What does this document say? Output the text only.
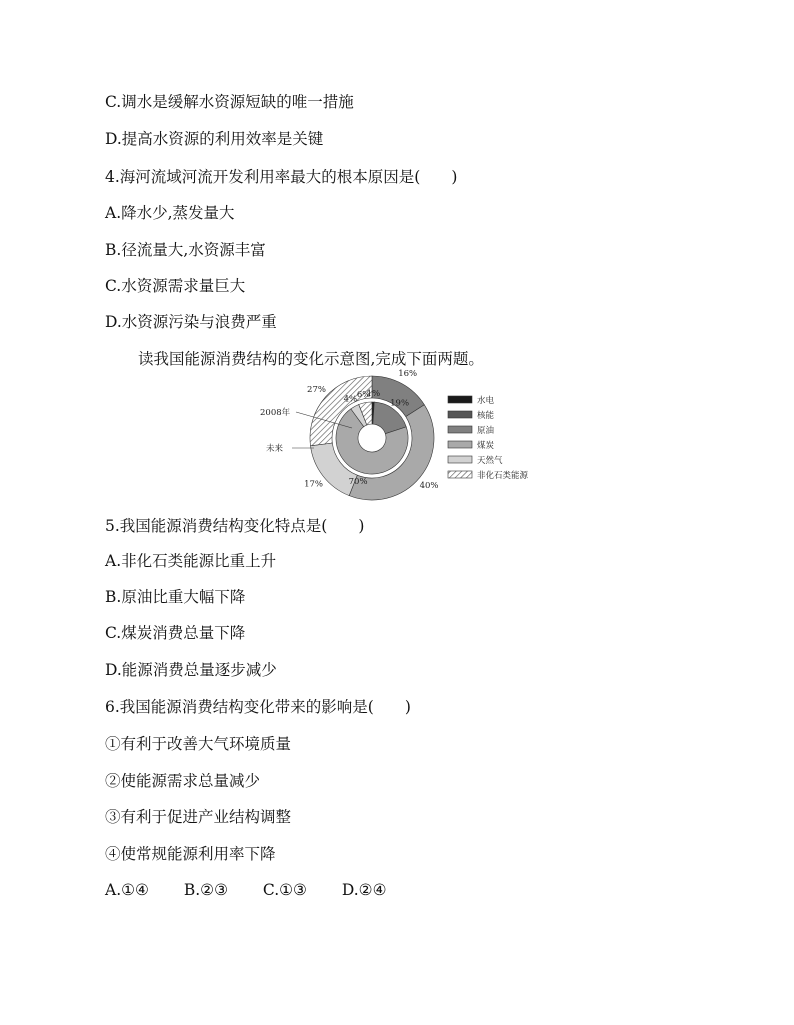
C.调水是缓解水资源短缺的唯一措施
D.提高水资源的利用效率是关键
4.海河流域河流开发利用率最大的根本原因是(　　)
A.降水少,蒸发量大
B.径流量大,水资源丰富
C.水资源需求量巨大
D.水资源污染与浪费严重
读我国能源消费结构的变化示意图,完成下面两题。
1%
19%
70%
4% 6%
2008年
16%
40%
17%
27%
未来
水电
核能
原油
煤炭
天然气
非化石类能源
5.我国能源消费结构变化特点是(　　)
A.非化石类能源比重上升
B.原油比重大幅下降
C.煤炭消费总量下降
D.能源消费总量逐步减少
6.我国能源消费结构变化带来的影响是(　　)
①有利于改善大气环境质量
②使能源需求总量减少
③有利于促进产业结构调整
④使常规能源利用率下降
A.①④ B.②③ C.①③ D.②④
